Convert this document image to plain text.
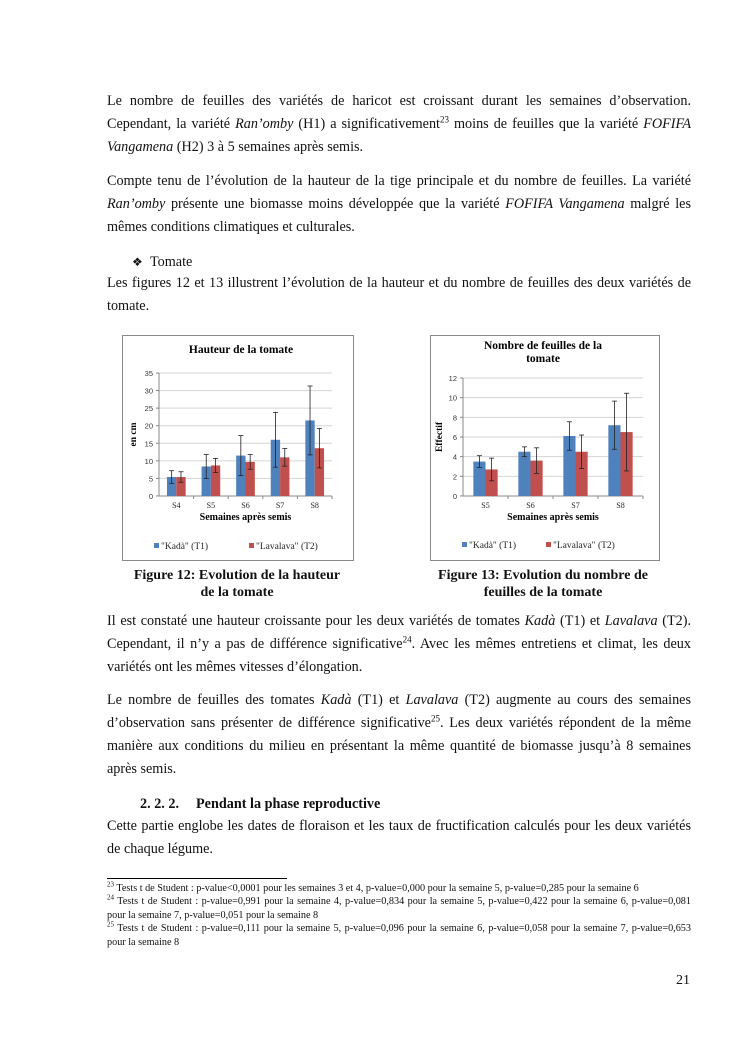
Le nombre de feuilles des variétés de haricot est croissant durant les semaines d’observation. Cependant, la variété Ran’omby (H1) a significativement$^{23}$ moins de feuilles que la variété FOFIFA Vangamena (H2) 3 à 5 semaines après semis.

Compte tenu de l’évolution de la hauteur de la tige principale et du nombre de feuilles. La variété Ran’omby présente une biomasse moins développée que la variété FOFIFA Vangamena malgré les mêmes conditions climatiques et culturales.

❖ Tomate

Les figures 12 et 13 illustrent l’évolution de la hauteur et du nombre de feuilles des deux variétés de tomate.

Hauteur de la tomate
0
5
10
15
20
25
30
35
en cm
S4	S5	S6	S7	S8
Semaines après semis
"Kadà" (T1)	"Lavalava" (T2)
Figure 12: Evolution de la hauteur
de la tomate
Nombre de feuilles de la
tomate
0
2
4
6
8
10
12
Effectif
S5	S6	S7	S8
Semaines après semis
"Kadà" (T1)	"Lavalava" (T2)
Figure 13: Evolution du nombre de
feuilles de la tomate

Il est constaté une hauteur croissante pour les deux variétés de tomates Kadà (T1) et Lavalava (T2). Cependant, il n’y a pas de différence significative$^{24}$. Avec les mêmes entretiens et climat, les deux variétés ont les mêmes vitesses d’élongation.

Le nombre de feuilles des tomates Kadà (T1) et Lavalava (T2) augmente au cours des semaines d’observation sans présenter de différence significative$^{25}$. Les deux variétés répondent de la même manière aux conditions du milieu en présentant la même quantité de biomasse jusqu’à 8 semaines après semis.

2. 2. 2. Pendant la phase reproductive

Cette partie englobe les dates de floraison et les taux de fructification calculés pour les deux variétés de chaque légume.

$^{23}$ Tests t de Student : p-value<0,0001 pour les semaines 3 et 4, p-value=0,000 pour la semaine 5, p-value=0,285 pour la semaine 6

$^{24}$ Tests t de Student : p-value=0,991 pour la semaine 4, p-value=0,834 pour la semaine 5, p-value=0,422 pour la semaine 6, p-value=0,081 pour la semaine 7, p-value=0,051 pour la semaine 8

$^{25}$ Tests t de Student : p-value=0,111 pour la semaine 5, p-value=0,096 pour la semaine 6, p-value=0,058 pour la semaine 7, p-value=0,653 pour la semaine 8

21
